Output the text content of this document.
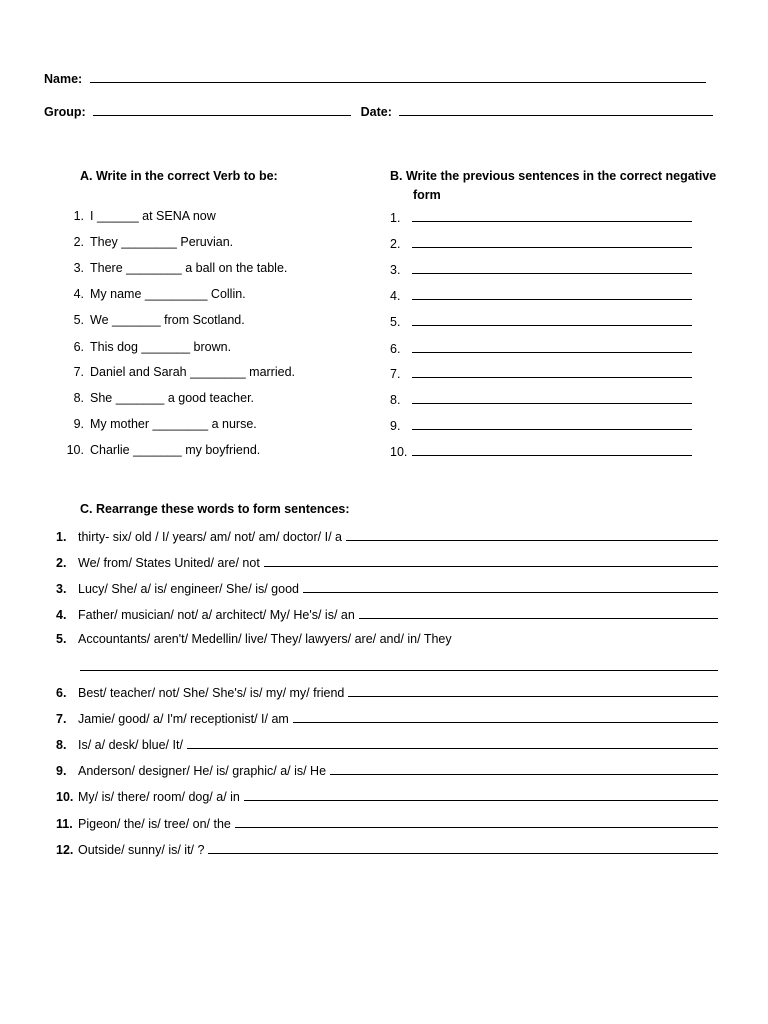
Name:
Group:	Date:
A. Write in the correct Verb to be:	B. Write the previous sentences in the correct negative
form
C. Rearrange these words to form sentences:
1. I ______ at SENA now
2. They ________ Peruvian.
3. There ________ a ball on the table.
4. My name _________ Collin.
5. We _______ from Scotland.
6. This dog _______ brown.
7. Daniel and Sarah ________ married.
8. She _______ a good teacher.
9. My mother ________ a nurse.
10. Charlie _______ my boyfriend.
1.
2.
3.
4.
5.
6.
7.
8.
9.
10.
1. thirty- six/ old / I/ years/ am/ not/ am/ doctor/ I/ a
2. We/ from/ States United/ are/ not
3. Lucy/ She/ a/ is/ engineer/ She/ is/ good
4. Father/ musician/ not/ a/ architect/ My/ He's/ is/ an
5. Accountants/ aren't/ Medellin/ live/ They/ lawyers/ are/ and/ in/ They
6. Best/ teacher/ not/ She/ She's/ is/ my/ my/ friend
7. Jamie/ good/ a/ I'm/ receptionist/ I/ am
8. Is/ a/ desk/ blue/ It/
9. Anderson/ designer/ He/ is/ graphic/ a/ is/ He
10. My/ is/ there/ room/ dog/ a/ in
11. Pigeon/ the/ is/ tree/ on/ the
12. Outside/ sunny/ is/ it/ ?
